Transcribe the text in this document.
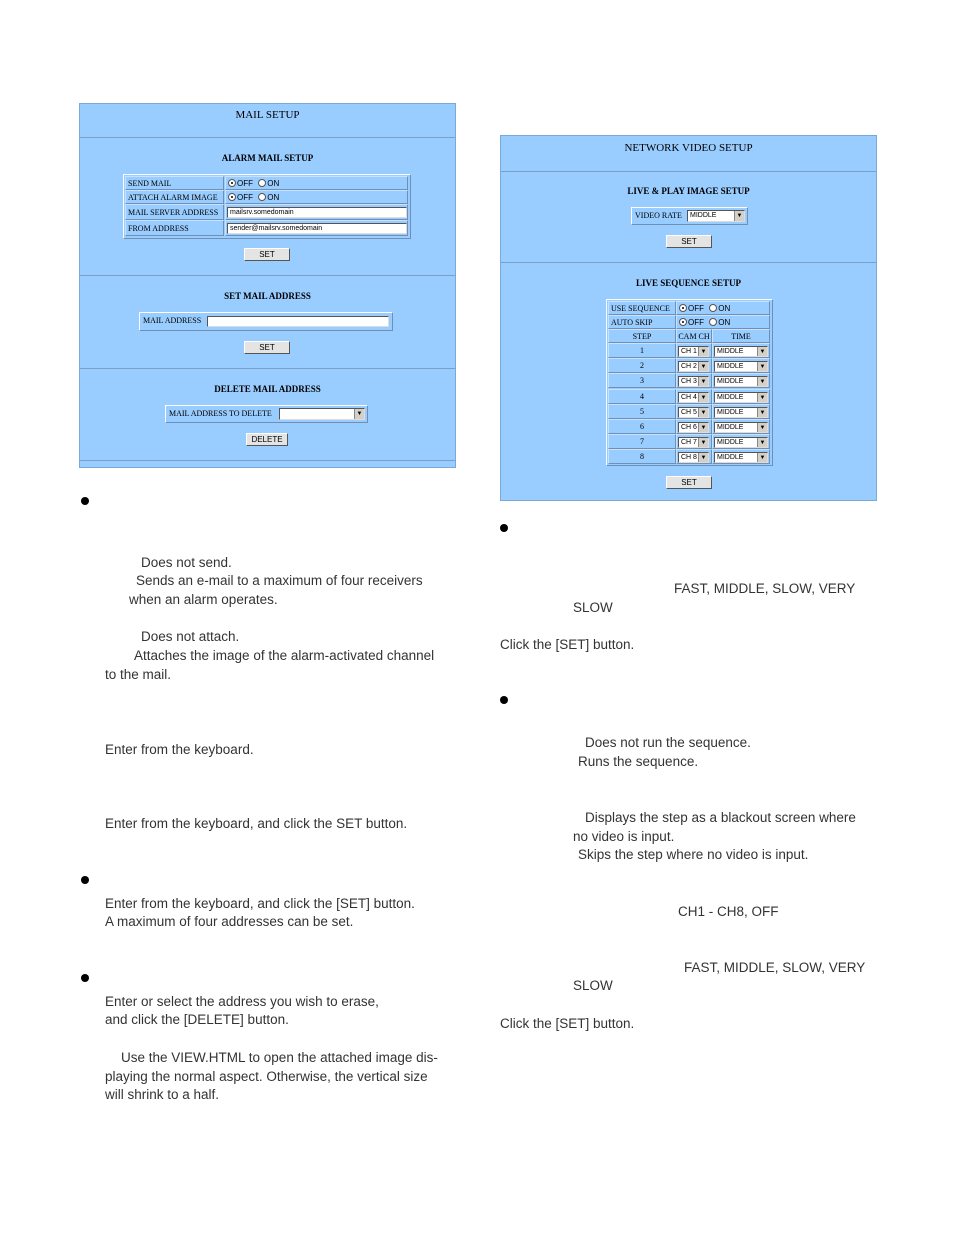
MAIL SETUP
ALARM MAIL SETUP
SEND MAIL	OFF ON
ATTACH ALARM IMAGE	OFF ON
MAIL SERVER ADDRESS	mailsrv.somedomain
FROM ADDRESS	sender@mailsrv.somedomain
SET
SET MAIL ADDRESS
MAIL ADDRESS
SET
DELETE MAIL ADDRESS
MAIL ADDRESS TO DELETE	▼
DELETE
NETWORK VIDEO SETUP
LIVE & PLAY IMAGE SETUP
VIDEO RATE	MIDDLE	▼
SET
LIVE SEQUENCE SETUP
USE SEQUENCE	OFF ON
AUTO SKIP	OFF ON
STEP	CAM CH	TIME
1	CH 1 ▼	MIDDLE	▼
2	CH 2 ▼	MIDDLE	▼
3	CH 3 ▼	MIDDLE	▼
4	CH 4 ▼	MIDDLE	▼
5	CH 5 ▼	MIDDLE	▼
6	CH 6 ▼	MIDDLE	▼
7	CH 7 ▼	MIDDLE	▼
8	CH 8 ▼	MIDDLE	▼
SET
Does not send.
Sends an e-mail to a maximum of four receivers
when an alarm operates.
Does not attach.
Attaches the image of the alarm-activated channel
to the mail.
Enter from the keyboard.
Enter from the keyboard, and click the SET button.
Enter from the keyboard, and click the [SET] button.
A maximum of four addresses can be set.
Enter or select the address you wish to erase,
and click the [DELETE] button.
Use the VIEW.HTML to open the attached image dis-
playing the normal aspect. Otherwise, the vertical size
will shrink to a half.
FAST, MIDDLE, SLOW, VERY
SLOW
Click the [SET] button.
Does not run the sequence.
Runs the sequence.
Displays the step as a blackout screen where
no video is input.
Skips the step where no video is input.
CH1 - CH8, OFF
FAST, MIDDLE, SLOW, VERY
SLOW
Click the [SET] button.
